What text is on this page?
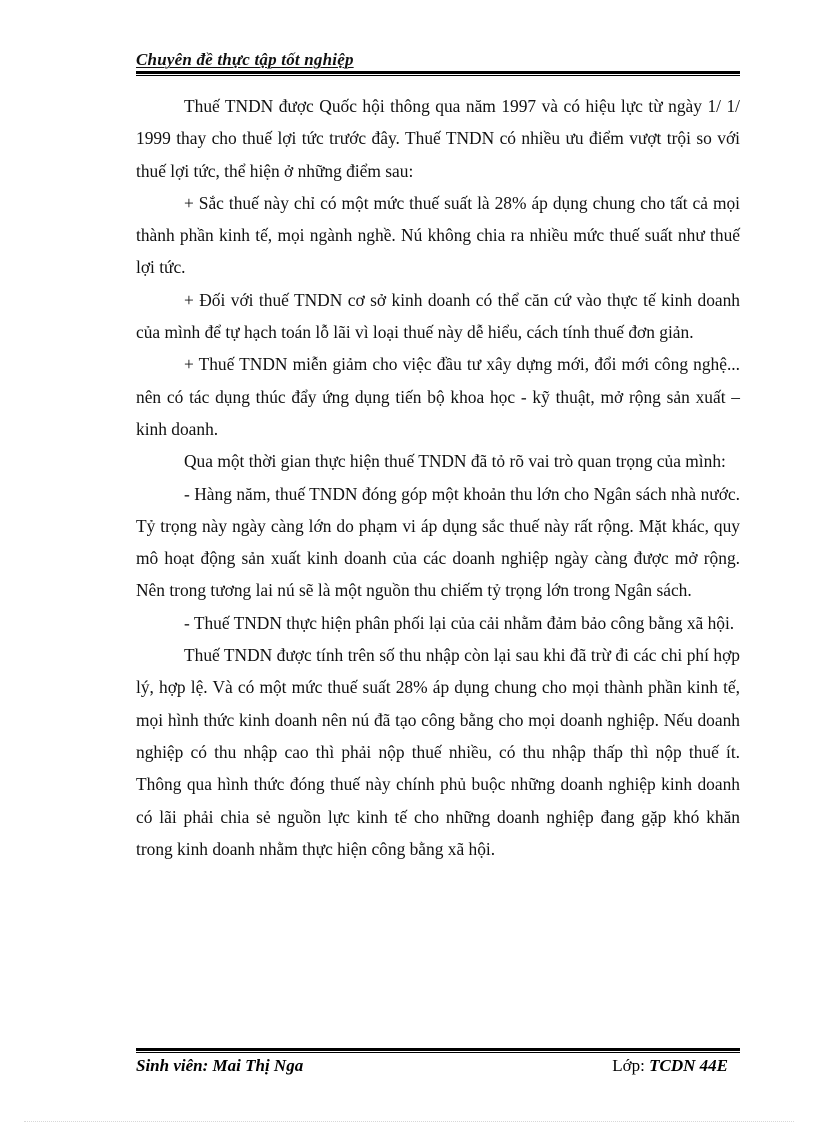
Chuyên đề thực tập tốt nghiệp

Thuế TNDN được Quốc hội thông qua năm 1997 và có hiệu lực từ ngày 1/ 1/ 1999 thay cho thuế lợi tức trước đây. Thuế TNDN có nhiều ưu điểm vượt trội so với thuế lợi tức, thể hiện ở những điểm sau:

+ Sắc thuế này chỉ có một mức thuế suất là 28% áp dụng chung cho tất cả mọi thành phần kinh tế, mọi ngành nghề. Nú không chia ra nhiều mức thuế suất như thuế lợi tức.

+ Đối với thuế TNDN cơ sở kinh doanh có thể căn cứ vào thực tế kinh doanh của mình để tự hạch toán lỗ lãi vì loại thuế này dễ hiểu, cách tính thuế đơn giản.

+ Thuế TNDN miễn giảm cho việc đầu tư xây dựng mới, đổi mới công nghệ... nên có tác dụng thúc đẩy ứng dụng tiến bộ khoa học - kỹ thuật, mở rộng sản xuất – kinh doanh.

Qua một thời gian thực hiện thuế TNDN đã tỏ rõ vai trò quan trọng của mình:

- Hàng năm, thuế TNDN đóng góp một khoản thu lớn cho Ngân sách nhà nước. Tỷ trọng này ngày càng lớn do phạm vi áp dụng sắc thuế này rất rộng. Mặt khác, quy mô hoạt động sản xuất kinh doanh của các doanh nghiệp ngày càng được mở rộng. Nên trong tương lai nú sẽ là một nguồn thu chiếm tỷ trọng lớn trong Ngân sách.

- Thuế TNDN thực hiện phân phối lại của cải nhằm đảm bảo công bằng xã hội.

Thuế TNDN được tính trên số thu nhập còn lại sau khi đã trừ đi các chi phí hợp lý, hợp lệ. Và có một mức thuế suất 28% áp dụng chung cho mọi thành phần kinh tế, mọi hình thức kinh doanh nên nú đã tạo công bằng cho mọi doanh nghiệp. Nếu doanh nghiệp có thu nhập cao thì phải nộp thuế nhiều, có thu nhập thấp thì nộp thuế ít. Thông qua hình thức đóng thuế này chính phủ buộc những doanh nghiệp kinh doanh có lãi phải chia sẻ nguồn lực kinh tế cho những doanh nghiệp đang gặp khó khăn trong kinh doanh nhằm thực hiện công bằng xã hội.

Sinh viên: Mai Thị Nga	Lớp: TCDN 44E
